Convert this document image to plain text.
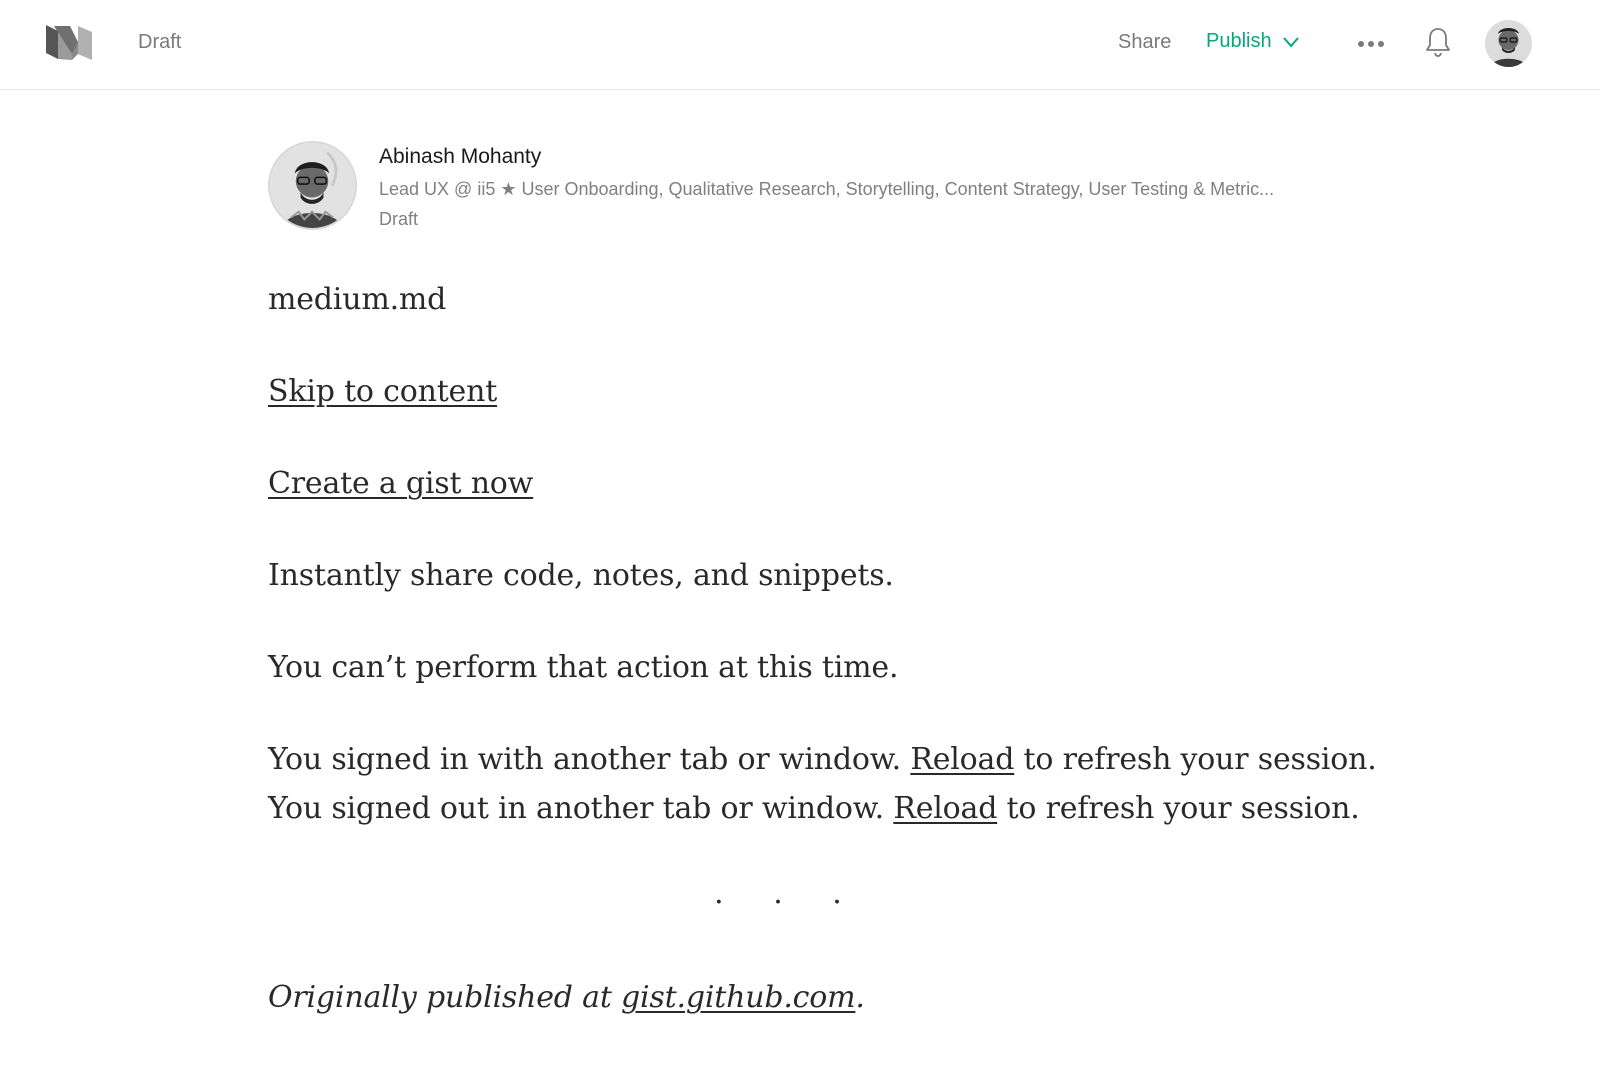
Draft	Share Publish
Abinash Mohanty
Lead UX @ ii5 ★ User Onboarding, Qualitative Research, Storytelling, Content Strategy, User Testing & Metric...
Draft
medium.md
Skip to content
Create a gist now
Instantly share code, notes, and snippets.
You can’t perform that action at this time.
You signed in with another tab or window. Reload to refresh your session.
You signed out in another tab or window. Reload to refresh your session.
· · ·
Originally published at gist.github.com.
